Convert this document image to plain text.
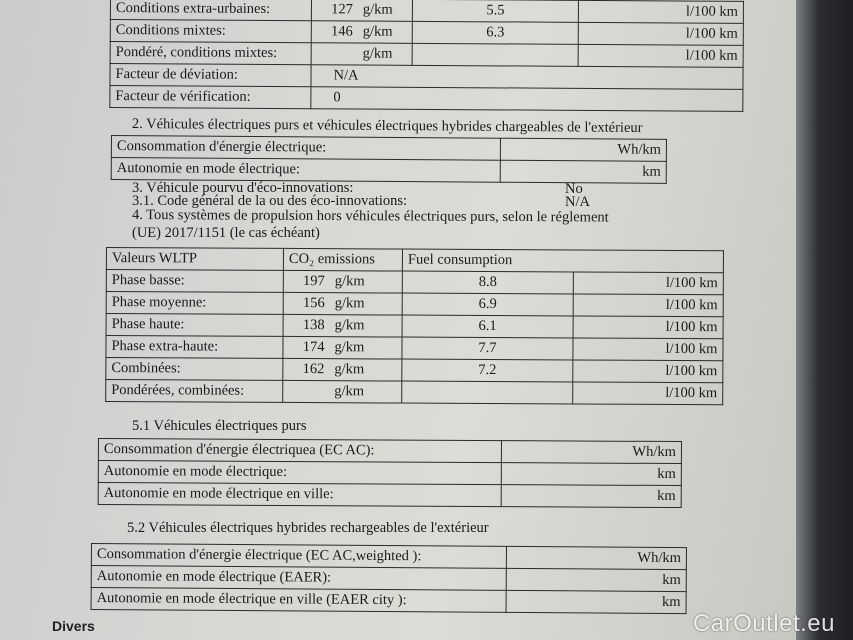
Conditions extra-urbaines:	127 g/km	5.5	l/100 km
Conditions mixtes:	146 g/km	6.3	l/100 km
Pondéré, conditions mixtes:	g/km		l/100 km
Facteur de déviation:	N/A		
Facteur de vérification:	0		
2. Véhicules électriques purs et véhicules électriques hybrides chargeables de l'extérieur
Consommation d'énergie électrique:	Wh/km
Autonomie en mode électrique:	km
3. Véhicule pourvu d'éco-innovations:	No
3.1. Code général de la ou des éco-innovations:	N/A
4. Tous systèmes de propulsion hors véhicules électriques purs, selon le réglement
(UE) 2017/1151 (le cas échéant)
Valeurs WLTP	CO₂ emissions	Fuel consumption	
Phase basse:	197 g/km	8.8	l/100 km
Phase moyenne:	156 g/km	6.9	l/100 km
Phase haute:	138 g/km	6.1	l/100 km
Phase extra-haute:	174 g/km	7.7	l/100 km
Combinées:	162 g/km	7.2	l/100 km
Pondérées, combinées:	g/km		l/100 km
5.1 Véhicules électriques purs
Consommation d'énergie électriquea (EC AC):	Wh/km
Autonomie en mode électrique:	km
Autonomie en mode électrique en ville:	km
5.2 Véhicules électriques hybrides rechargeables de l'extérieur
Consommation d'énergie électrique (EC AC,weighted ):	Wh/km
Autonomie en mode électrique (EAER):	km
Autonomie en mode électrique en ville (EAER city ):	km
Divers	CarOutlet.eu
